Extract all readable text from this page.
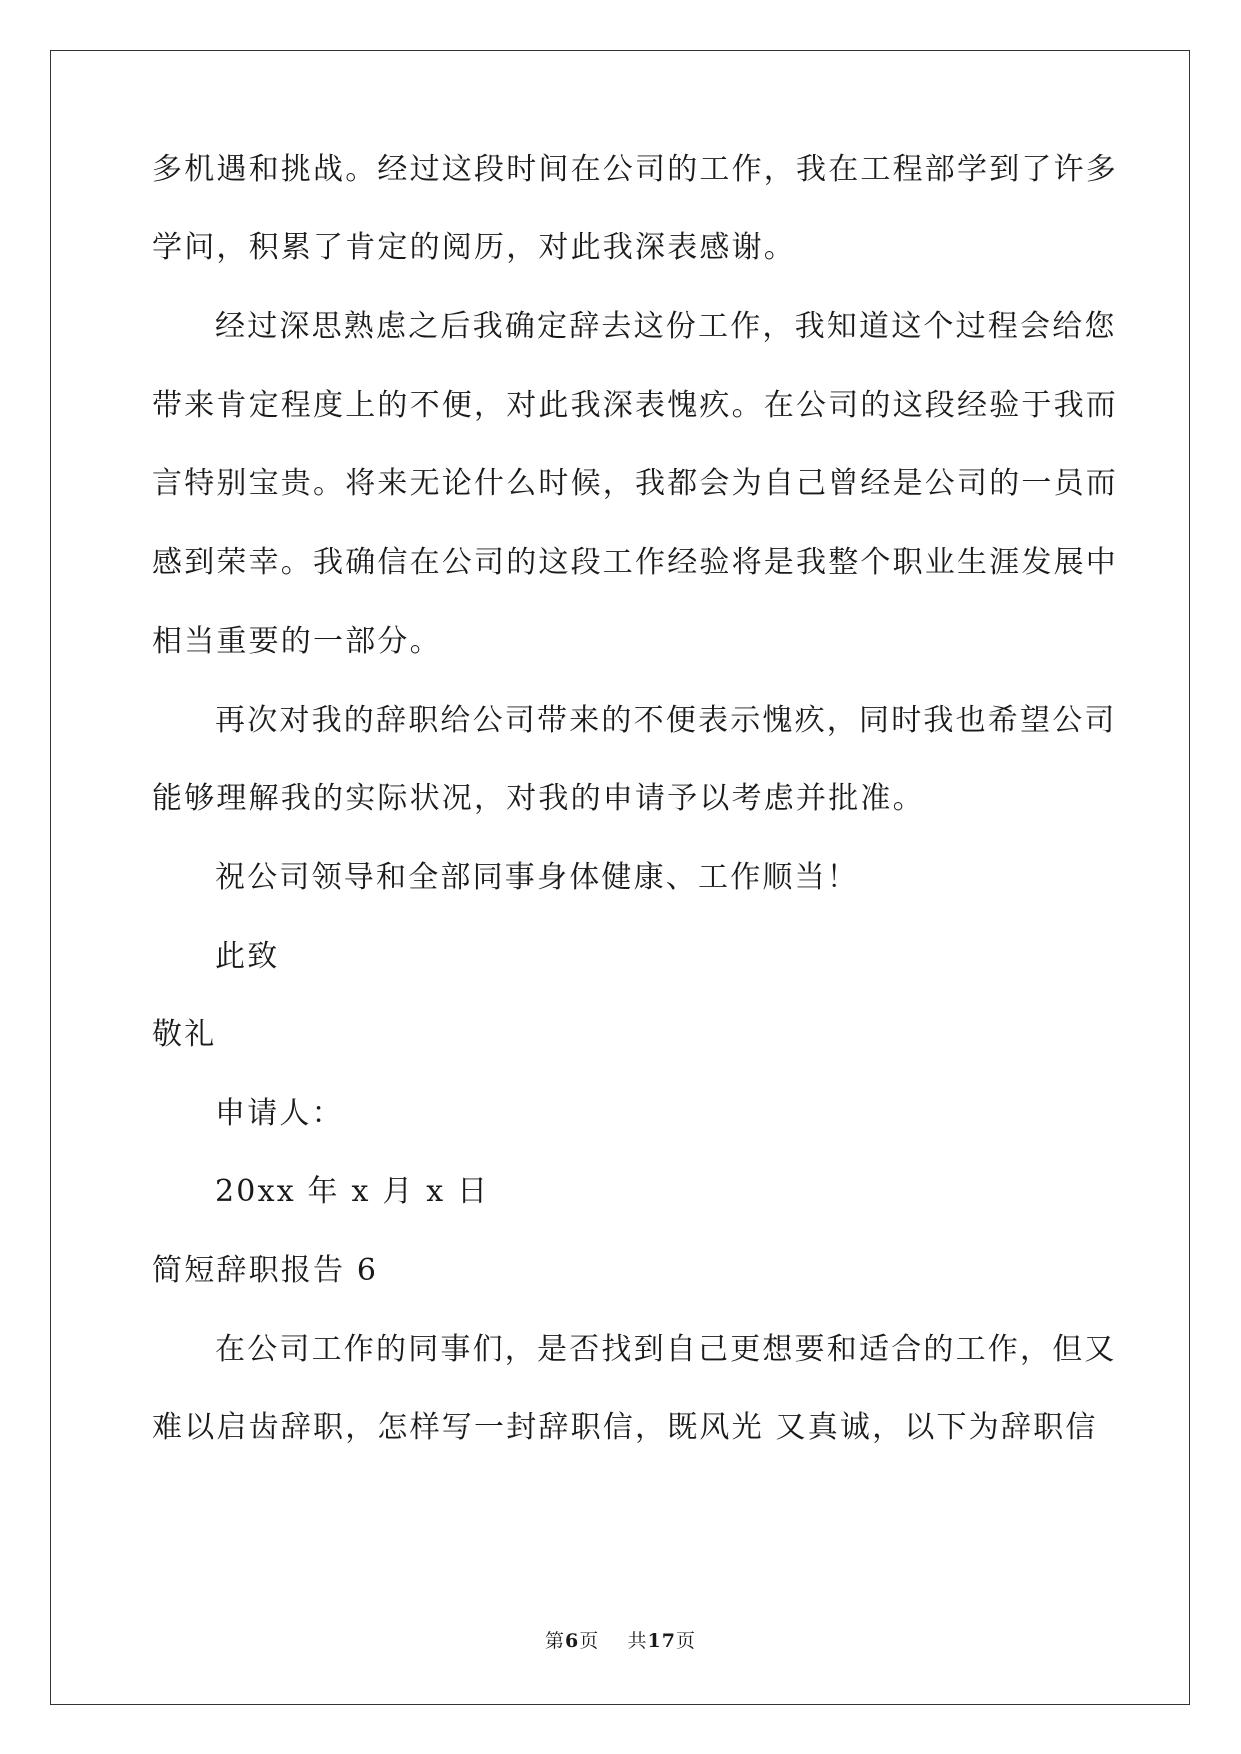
多机遇和挑战。经过这段时间在公司的工作，我在工程部学到了许多
学问，积累了肯定的阅历，对此我深表感谢。
经过深思熟虑之后我确定辞去这份工作，我知道这个过程会给您
带来肯定程度上的不便，对此我深表愧疚。在公司的这段经验于我而
言特别宝贵。将来无论什么时候，我都会为自己曾经是公司的一员而
感到荣幸。我确信在公司的这段工作经验将是我整个职业生涯发展中
相当重要的一部分。
再次对我的辞职给公司带来的不便表示愧疚，同时我也希望公司
能够理解我的实际状况，对我的申请予以考虑并批准。
祝公司领导和全部同事身体健康、工作顺当！
此致
敬礼
申请人：
20xx 年 x 月 x 日
简短辞职报告 6
在公司工作的同事们，是否找到自己更想要和适合的工作，但又
难以启齿辞职，怎样写一封辞职信，既风光 又真诚，以下为辞职信
第6页 共17页
